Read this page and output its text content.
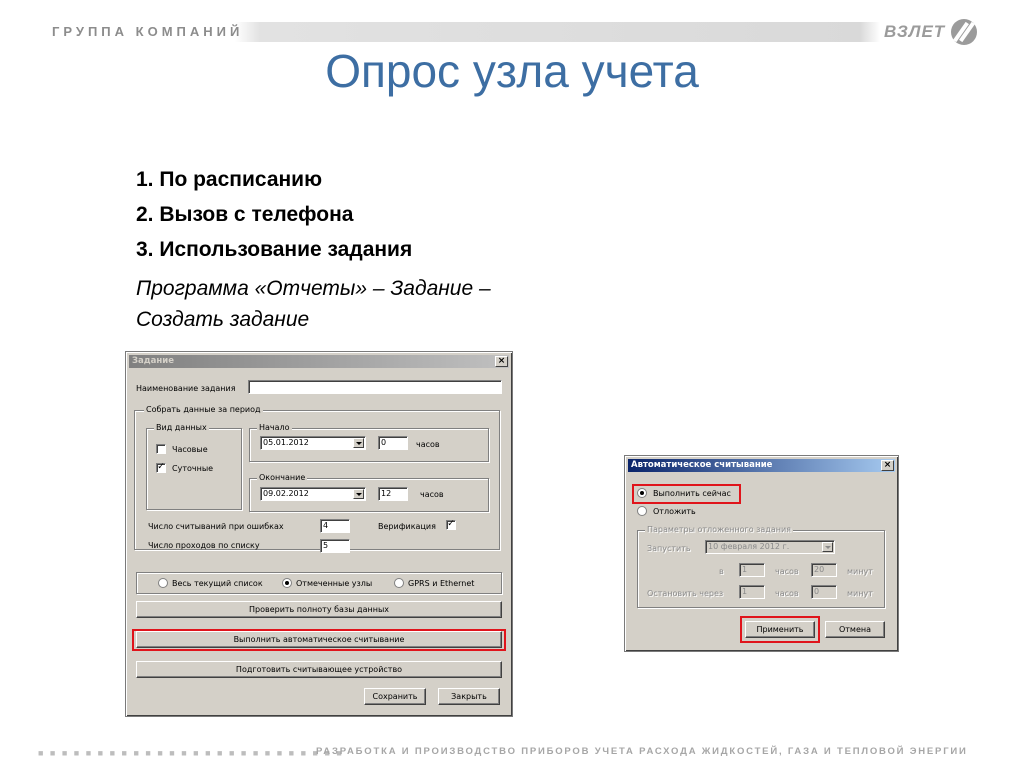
ГРУППА КОМПАНИЙ	ВЗЛЕТ
Опрос узла учета
1. По расписанию
2. Вызов с телефона
3. Использование задания
Программа «Отчеты» – Задание –
Создать задание
Задание	×
Наименование задания
Собрать данные за период
Вид данных
Часовые
✓ Суточные
Начало
05.01.2012	0	часов
Окончание
09.02.2012	12	часов
Число считываний при ошибках	4	Верификация ✓
Число проходов по списку	5
Весь текущий список	Отмеченные узлы	GPRS и Ethernet
Проверить полноту базы данных
Выполнить автоматическое считывание
Подготовить считывающее устройство
Сохранить	Закрыть
Автоматическое считывание	×
Выполнить сейчас
Отложить
Параметры отложенного задания
Запустить	10 февраля 2012 г.
в	1	часов	20	минут
Остановить через	1	часов	0	минут
Применить	Отмена
■ ■ ■ ■ ■ ■ ■ ■ ■ ■ ■ ■ ■ ■ ■ ■ ■ ■ ■ ■ ■ ■ ■ ■ ■ ■
РАЗРАБОТКА И ПРОИЗВОДСТВО ПРИБОРОВ УЧЕТА РАСХОДА ЖИДКОСТЕЙ, ГАЗА И ТЕПЛОВОЙ ЭНЕРГИИ
